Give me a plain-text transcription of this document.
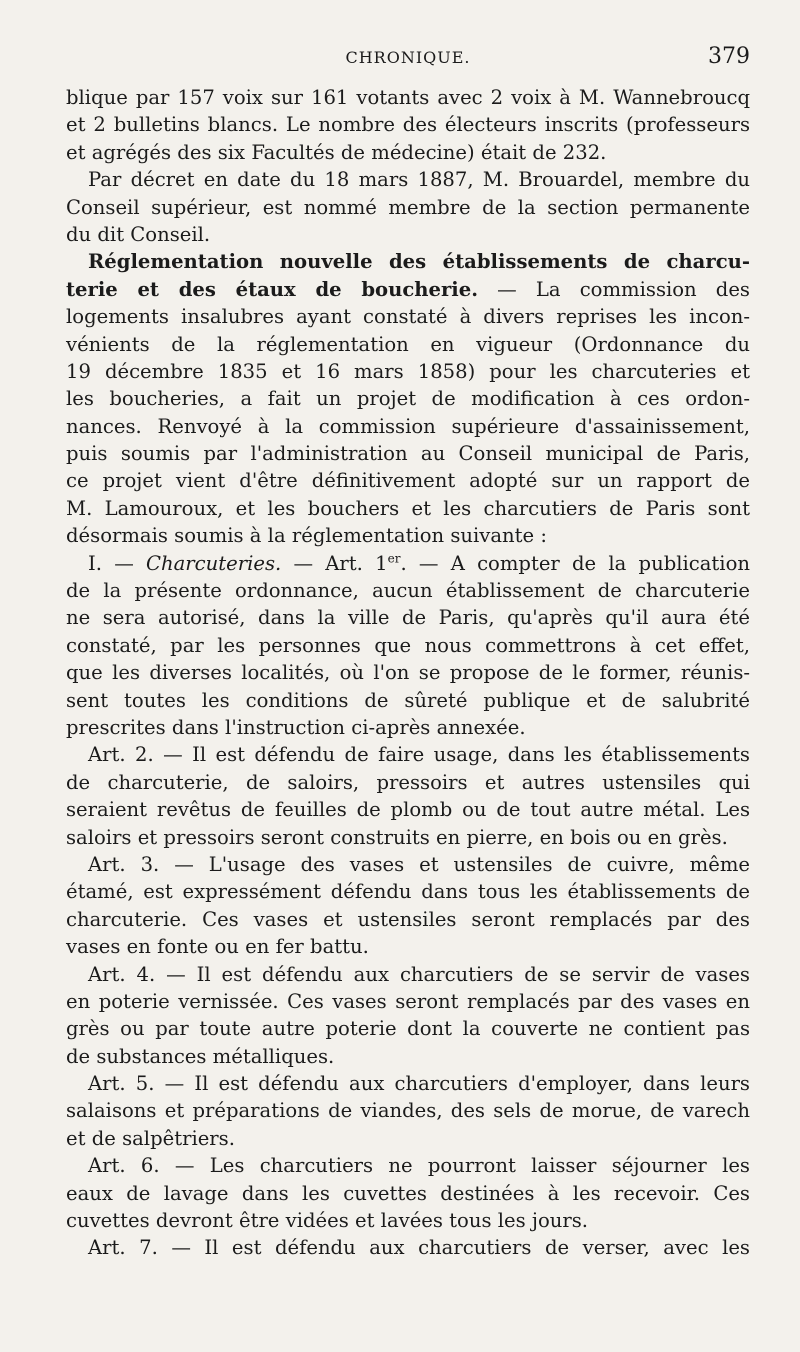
CHRONIQUE.	379
blique par 157 voix sur 161 votants avec 2 voix à M. Wannebroucq
et 2 bulletins blancs. Le nombre des électeurs inscrits (professeurs
et agrégés des six Facultés de médecine) était de 232.
Par décret en date du 18 mars 1887, M. Brouardel, membre du
Conseil supérieur, est nommé membre de la section permanente
du dit Conseil.
Réglementation nouvelle des établissements de charcu-
terie et des étaux de boucherie. — La commission des
logements insalubres ayant constaté à divers reprises les incon-
vénients de la réglementation en vigueur (Ordonnance du
19 décembre 1835 et 16 mars 1858) pour les charcuteries et
les boucheries, a fait un projet de modification à ces ordon-
nances. Renvoyé à la commission supérieure d'assainissement,
puis soumis par l'administration au Conseil municipal de Paris,
ce projet vient d'être définitivement adopté sur un rapport de
M. Lamouroux, et les bouchers et les charcutiers de Paris sont
désormais soumis à la réglementation suivante :
I. — Charcuteries. — Art. 1er. — A compter de la publication
de la présente ordonnance, aucun établissement de charcuterie
ne sera autorisé, dans la ville de Paris, qu'après qu'il aura été
constaté, par les personnes que nous commettrons à cet effet,
que les diverses localités, où l'on se propose de le former, réunis-
sent toutes les conditions de sûreté publique et de salubrité
prescrites dans l'instruction ci-après annexée.
Art. 2. — Il est défendu de faire usage, dans les établissements
de charcuterie, de saloirs, pressoirs et autres ustensiles qui
seraient revêtus de feuilles de plomb ou de tout autre métal. Les
saloirs et pressoirs seront construits en pierre, en bois ou en grès.
Art. 3. — L'usage des vases et ustensiles de cuivre, même
étamé, est expressément défendu dans tous les établissements de
charcuterie. Ces vases et ustensiles seront remplacés par des
vases en fonte ou en fer battu.
Art. 4. — Il est défendu aux charcutiers de se servir de vases
en poterie vernissée. Ces vases seront remplacés par des vases en
grès ou par toute autre poterie dont la couverte ne contient pas
de substances métalliques.
Art. 5. — Il est défendu aux charcutiers d'employer, dans leurs
salaisons et préparations de viandes, des sels de morue, de varech
et de salpêtriers.
Art. 6. — Les charcutiers ne pourront laisser séjourner les
eaux de lavage dans les cuvettes destinées à les recevoir. Ces
cuvettes devront être vidées et lavées tous les jours.
Art. 7. — Il est défendu aux charcutiers de verser, avec les
